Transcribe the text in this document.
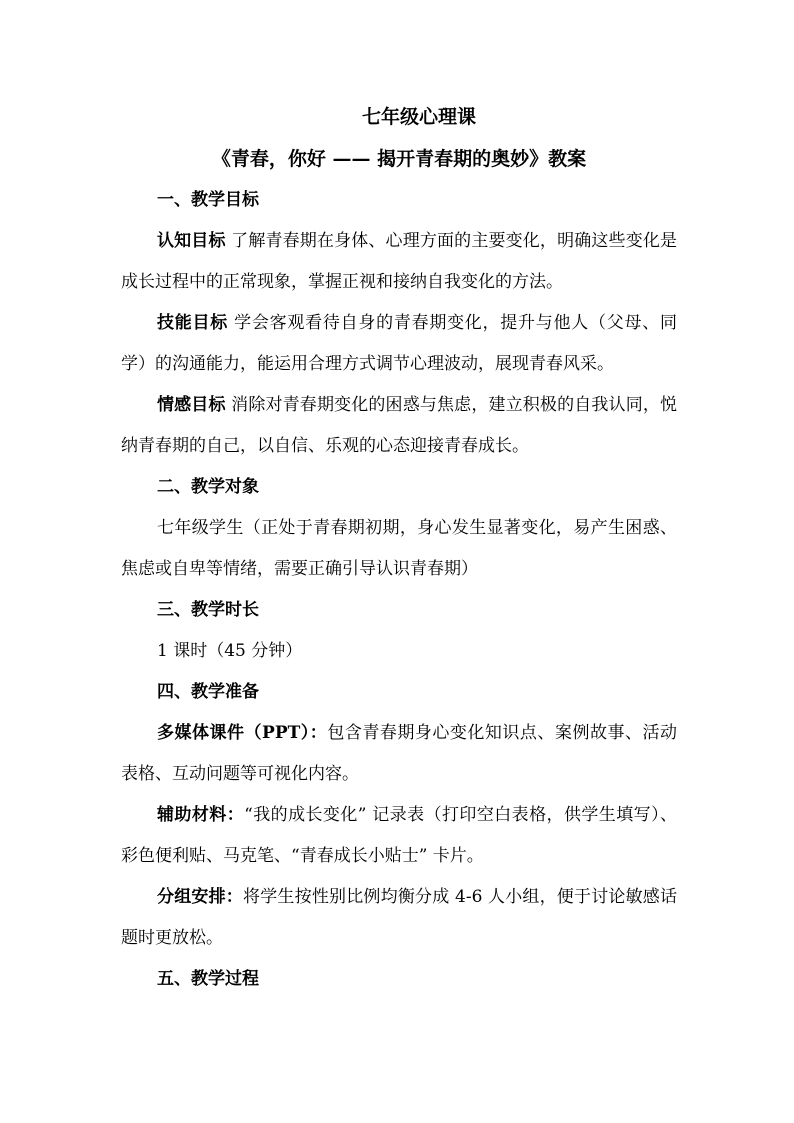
七年级心理课

《青春，你好 —— 揭开青春期的奥妙》教案

一、教学目标

认知目标 了解青春期在身体、心理方面的主要变化，明确这些变化是成长过程中的正常现象，掌握正视和接纳自我变化的方法。

技能目标 学会客观看待自身的青春期变化，提升与他人（父母、同学）的沟通能力，能运用合理方式调节心理波动，展现青春风采。

情感目标 消除对青春期变化的困惑与焦虑，建立积极的自我认同，悦纳青春期的自己，以自信、乐观的心态迎接青春成长。

二、教学对象

七年级学生（正处于青春期初期，身心发生显著变化，易产生困惑、焦虑或自卑等情绪，需要正确引导认识青春期）

三、教学时长

1 课时（45 分钟）

四、教学准备

多媒体课件（PPT）：包含青春期身心变化知识点、案例故事、活动表格、互动问题等可视化内容。

辅助材料：“我的成长变化” 记录表（打印空白表格，供学生填写）、彩色便利贴、马克笔、“青春成长小贴士” 卡片。

分组安排：将学生按性别比例均衡分成 4-6 人小组，便于讨论敏感话题时更放松。

五、教学过程
